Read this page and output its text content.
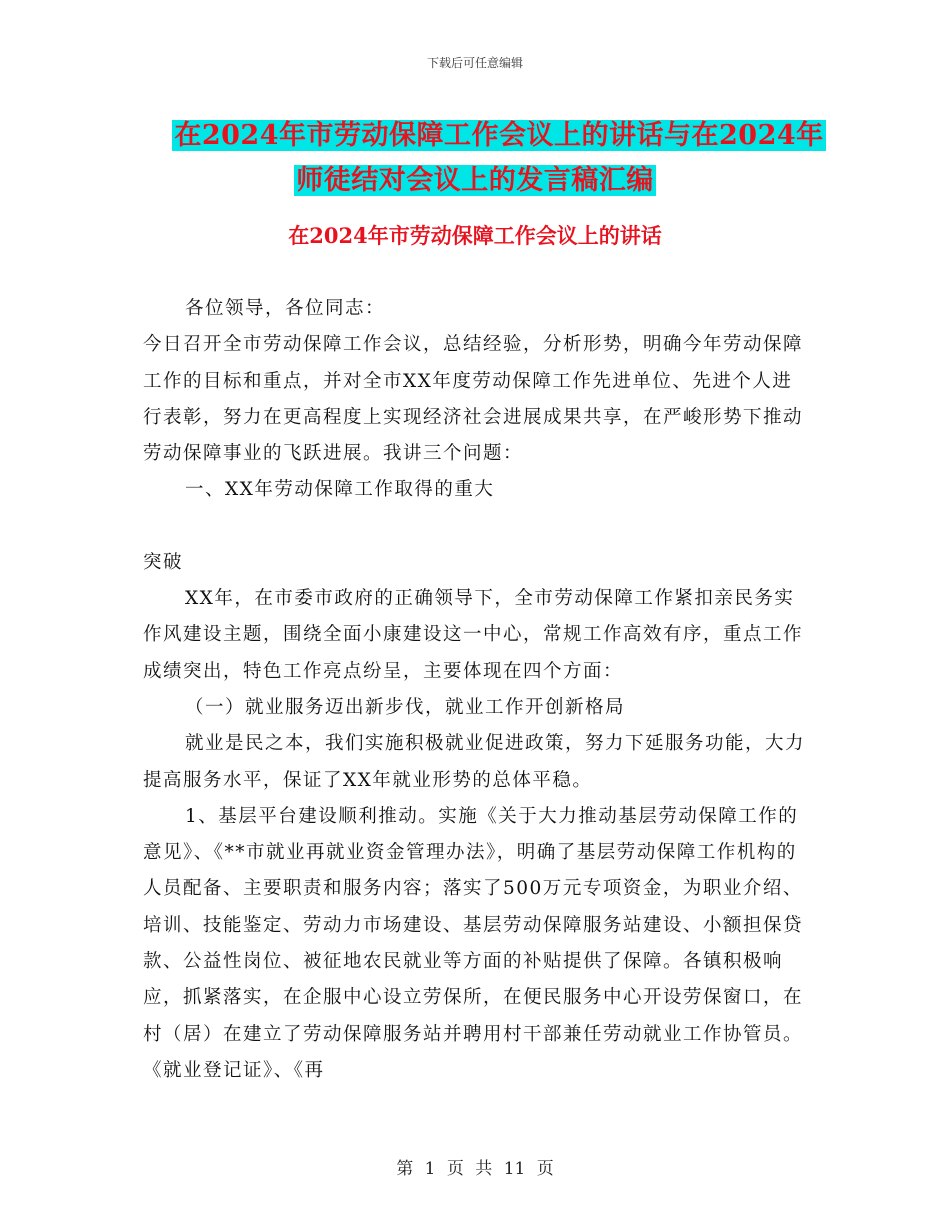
下载后可任意编辑
在2024年市劳动保障工作会议上的讲话与在2024年
师徒结对会议上的发言稿汇编
在2024年市劳动保障工作会议上的讲话

各位领导，各位同志：

今日召开全市劳动保障工作会议，总结经验，分析形势，明确今年劳动保障工作的目标和重点，并对全市XX年度劳动保障工作先进单位、先进个人进行表彰，努力在更高程度上实现经济社会进展成果共享，在严峻形势下推动劳动保障事业的飞跃进展。我讲三个问题：

一、XX年劳动保障工作取得的重大

突破

XX年，在市委市政府的正确领导下，全市劳动保障工作紧扣亲民务实作风建设主题，围绕全面小康建设这一中心，常规工作高效有序，重点工作成绩突出，特色工作亮点纷呈，主要体现在四个方面：

（一）就业服务迈出新步伐，就业工作开创新格局

就业是民之本，我们实施积极就业促进政策，努力下延服务功能，大力提高服务水平，保证了XX年就业形势的总体平稳。

1、基层平台建设顺利推动。实施《关于大力推动基层劳动保障工作的意见》、《**市就业再就业资金管理办法》，明确了基层劳动保障工作机构的人员配备、主要职责和服务内容；落实了500万元专项资金，为职业介绍、培训、技能鉴定、劳动力市场建设、基层劳动保障服务站建设、小额担保贷款、公益性岗位、被征地农民就业等方面的补贴提供了保障。各镇积极响应，抓紧落实，在企服中心设立劳保所，在便民服务中心开设劳保窗口，在村（居）在建立了劳动保障服务站并聘用村干部兼任劳动就业工作协管员。《就业登记证》、《再

第 1 页 共 11 页
